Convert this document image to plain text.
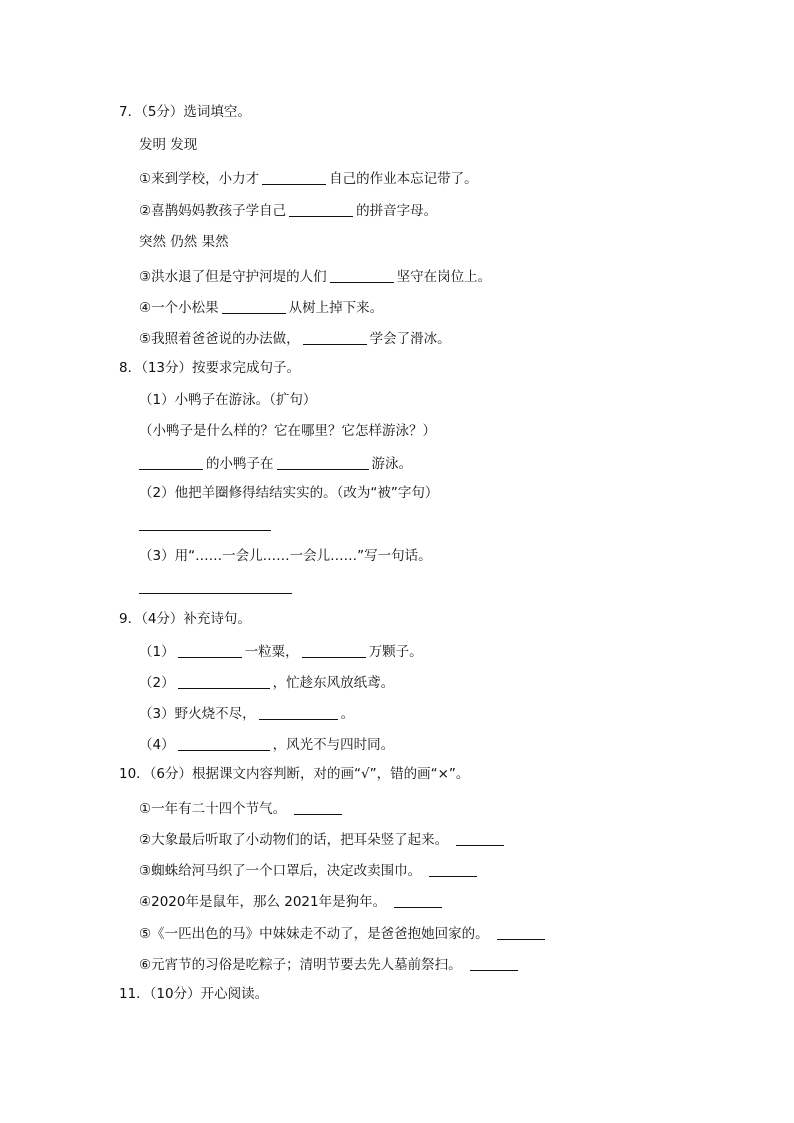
7．（5分）选词填空。
发明 发现
①来到学校，小力才	自己的作业本忘记带了。
②喜鹊妈妈教孩子学自己	的拼音字母。
突然 仍然 果然
③洪水退了但是守护河堤的人们	坚守在岗位上。
④一个小松果	从树上掉下来。
⑤我照着爸爸说的办法做，	学会了滑冰。
8．（13分）按要求完成句子。
（1）小鸭子在游泳。（扩句）
（小鸭子是什么样的？它在哪里？它怎样游泳？）
的小鸭子在	游泳。
（2）他把羊圈修得结结实实的。（改为“被”字句）
（3）用“……一会儿……一会儿……”写一句话。
9．（4分）补充诗句。
（1）	一粒粟，	万颗子。
（2）	，忙趁东风放纸鸢。
（3）野火烧不尽，	。
（4）	，风光不与四时同。
10．（6分）根据课文内容判断，对的画“√”，错的画“×”。
①一年有二十四个节气。
②大象最后听取了小动物们的话，把耳朵竖了起来。
③蜘蛛给河马织了一个口罩后，决定改卖围巾。
④2020年是鼠年，那么 2021年是狗年。
⑤《一匹出色的马》中妹妹走不动了，是爸爸抱她回家的。
⑥元宵节的习俗是吃粽子；清明节要去先人墓前祭扫。
11．（10分）开心阅读。
